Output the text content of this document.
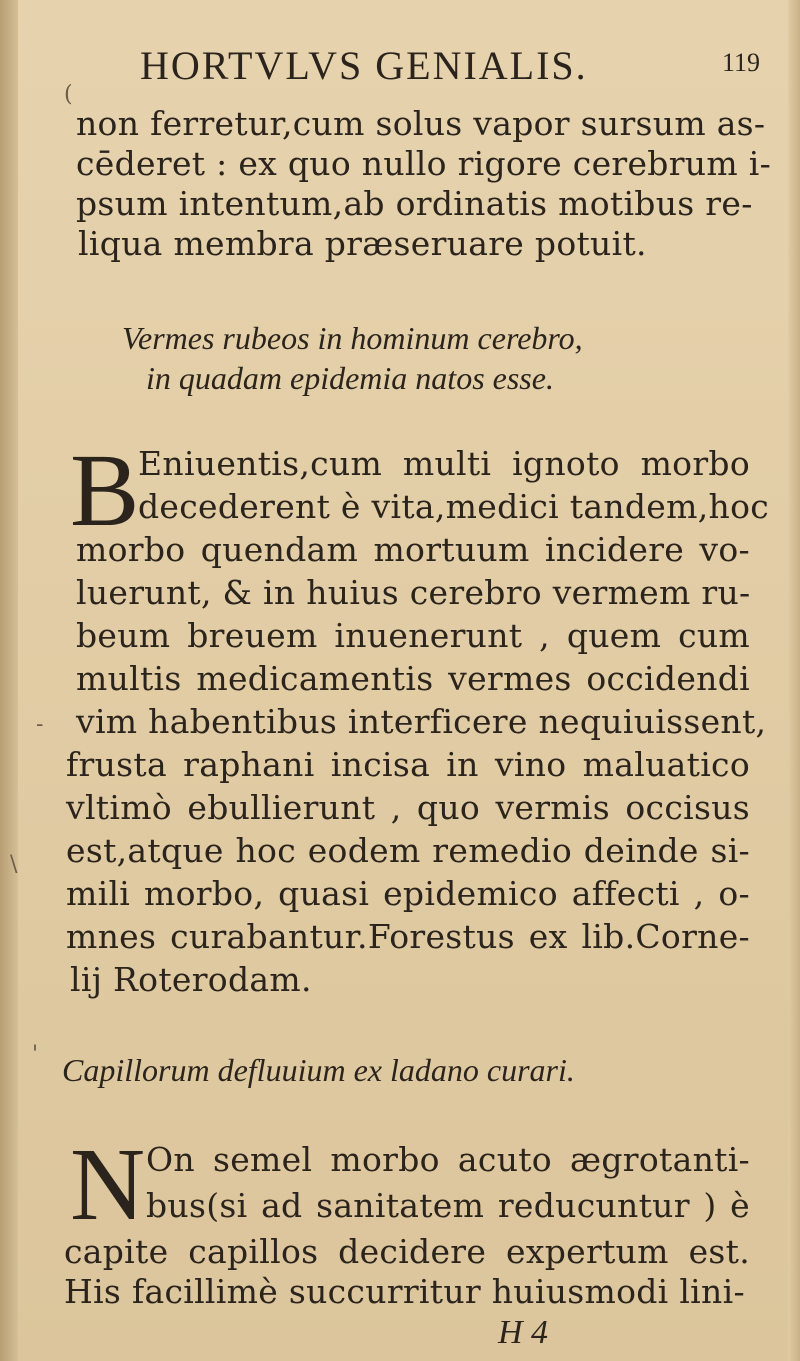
HORTVLVS GENIALIS.	119
non ferretur,cum solus vapor sursum as-
cēderet : ex quo nullo rigore cerebrum i-
psum intentum,ab ordinatis motibus re-
liqua membra præseruare potuit.
Vermes rubeos in hominum cerebro,
in quadam epidemia natos esse.
B
Eniuentis,cum multi ignoto morbo
decederent è vita,medici tandem,hoc
morbo quendam mortuum incidere vo-
luerunt, & in huius cerebro vermem ru-
beum breuem inuenerunt , quem cum
multis medicamentis vermes occidendi
vim habentibus interficere nequiuissent,
frusta raphani incisa in vino maluatico
vltimò ebullierunt , quo vermis occisus
est,atque hoc eodem remedio deinde si-
mili morbo, quasi epidemico affecti , o-
mnes curabantur.Forestus ex lib.Corne-
lij Roterodam.
Capillorum defluuium ex ladano curari.
N On semel morbo acuto ægrotanti-
bus(si ad sanitatem reducuntur ) è
capite capillos decidere expertum est.
His facillimè succurritur huiusmodi lini-
H 4
(
-
\
'
